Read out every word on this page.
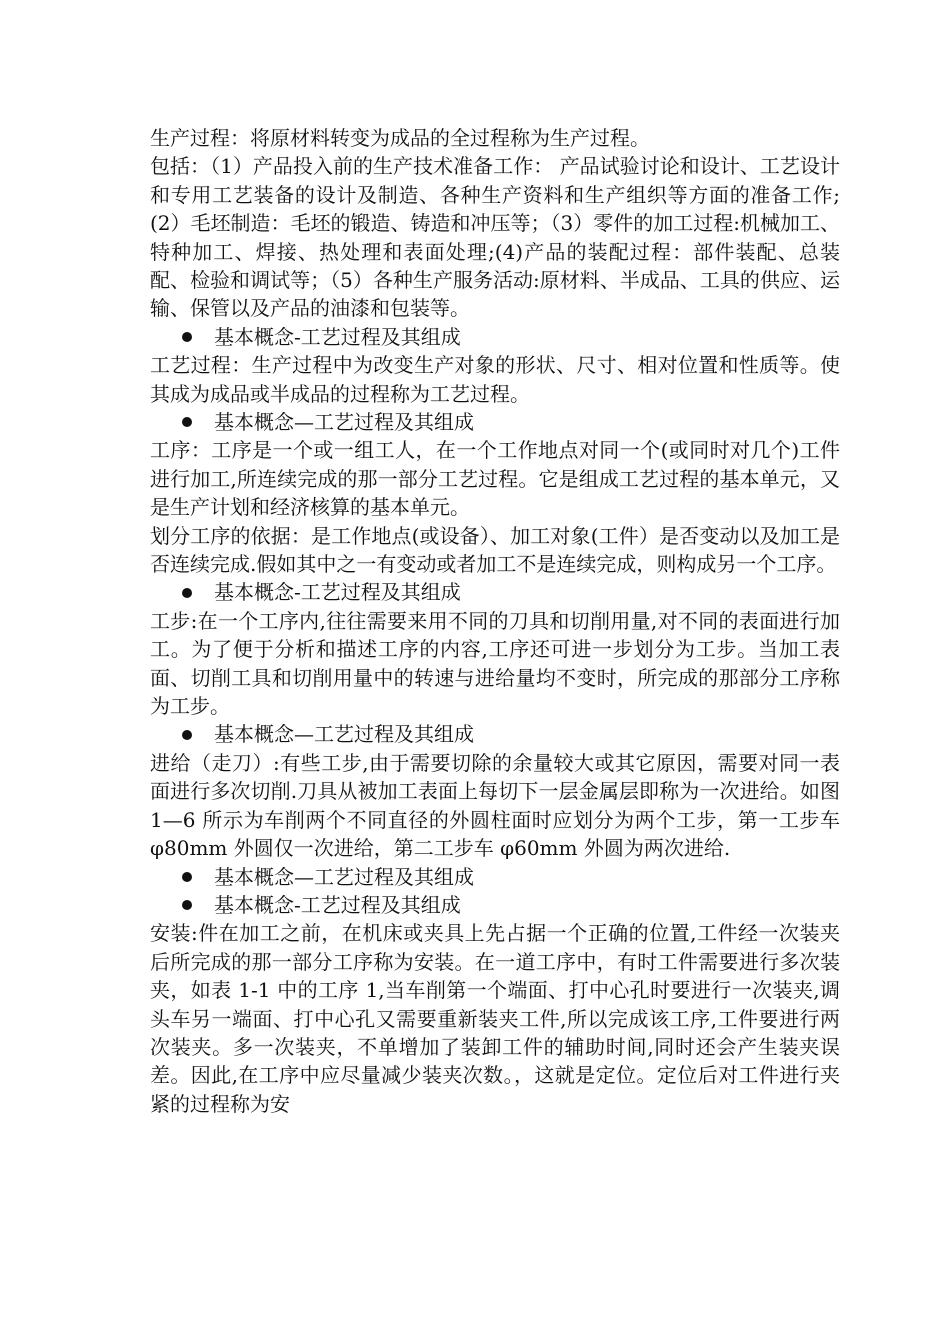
生产过程：将原材料转变为成品的全过程称为生产过程。

包括：（1）产品投入前的生产技术准备工作： 产品试验讨论和设计、工艺设计和专用工艺装备的设计及制造、各种生产资料和生产组织等方面的准备工作;(2）毛坯制造：毛坯的锻造、铸造和冲压等；（3）零件的加工过程:机械加工、特种加工、焊接、热处理和表面处理;(4)产品的装配过程：部件装配、总装配、检验和调试等；（5）各种生产服务活动:原材料、半成品、工具的供应、运输、保管以及产品的油漆和包装等。

基本概念-工艺过程及其组成

工艺过程：生产过程中为改变生产对象的形状、尺寸、相对位置和性质等。使其成为成品或半成品的过程称为工艺过程。

基本概念—工艺过程及其组成

工序：工序是一个或一组工人，在一个工作地点对同一个(或同时对几个)工件进行加工,所连续完成的那一部分工艺过程。它是组成工艺过程的基本单元，又是生产计划和经济核算的基本单元。

划分工序的依据：是工作地点(或设备）、加工对象(工件）是否变动以及加工是否连续完成.假如其中之一有变动或者加工不是连续完成，则构成另一个工序。

基本概念-工艺过程及其组成

工步:在一个工序内,往往需要来用不同的刀具和切削用量,对不同的表面进行加工。为了便于分析和描述工序的内容,工序还可进一步划分为工步。当加工表面、切削工具和切削用量中的转速与进给量均不变时，所完成的那部分工序称为工步。

基本概念—工艺过程及其组成

进给（走刀）:有些工步,由于需要切除的余量较大或其它原因，需要对同一表面进行多次切削.刀具从被加工表面上每切下一层金属层即称为一次进给。如图 1—6 所示为车削两个不同直径的外圆柱面时应划分为两个工步，第一工步车 φ80mm 外圆仅一次进给，第二工步车 φ60mm 外圆为两次进给.

基本概念—工艺过程及其组成
基本概念-工艺过程及其组成

安装:件在加工之前，在机床或夹具上先占据一个正确的位置,工件经一次装夹后所完成的那一部分工序称为安装。在一道工序中，有时工件需要进行多次装夹，如表 1-1 中的工序 1,当车削第一个端面、打中心孔时要进行一次装夹,调头车另一端面、打中心孔又需要重新装夹工件,所以完成该工序,工件要进行两次装夹。多一次装夹，不单增加了装卸工件的辅助时间,同时还会产生装夹误差。因此,在工序中应尽量减少装夹次数。，这就是定位。定位后对工件进行夹紧的过程称为安
